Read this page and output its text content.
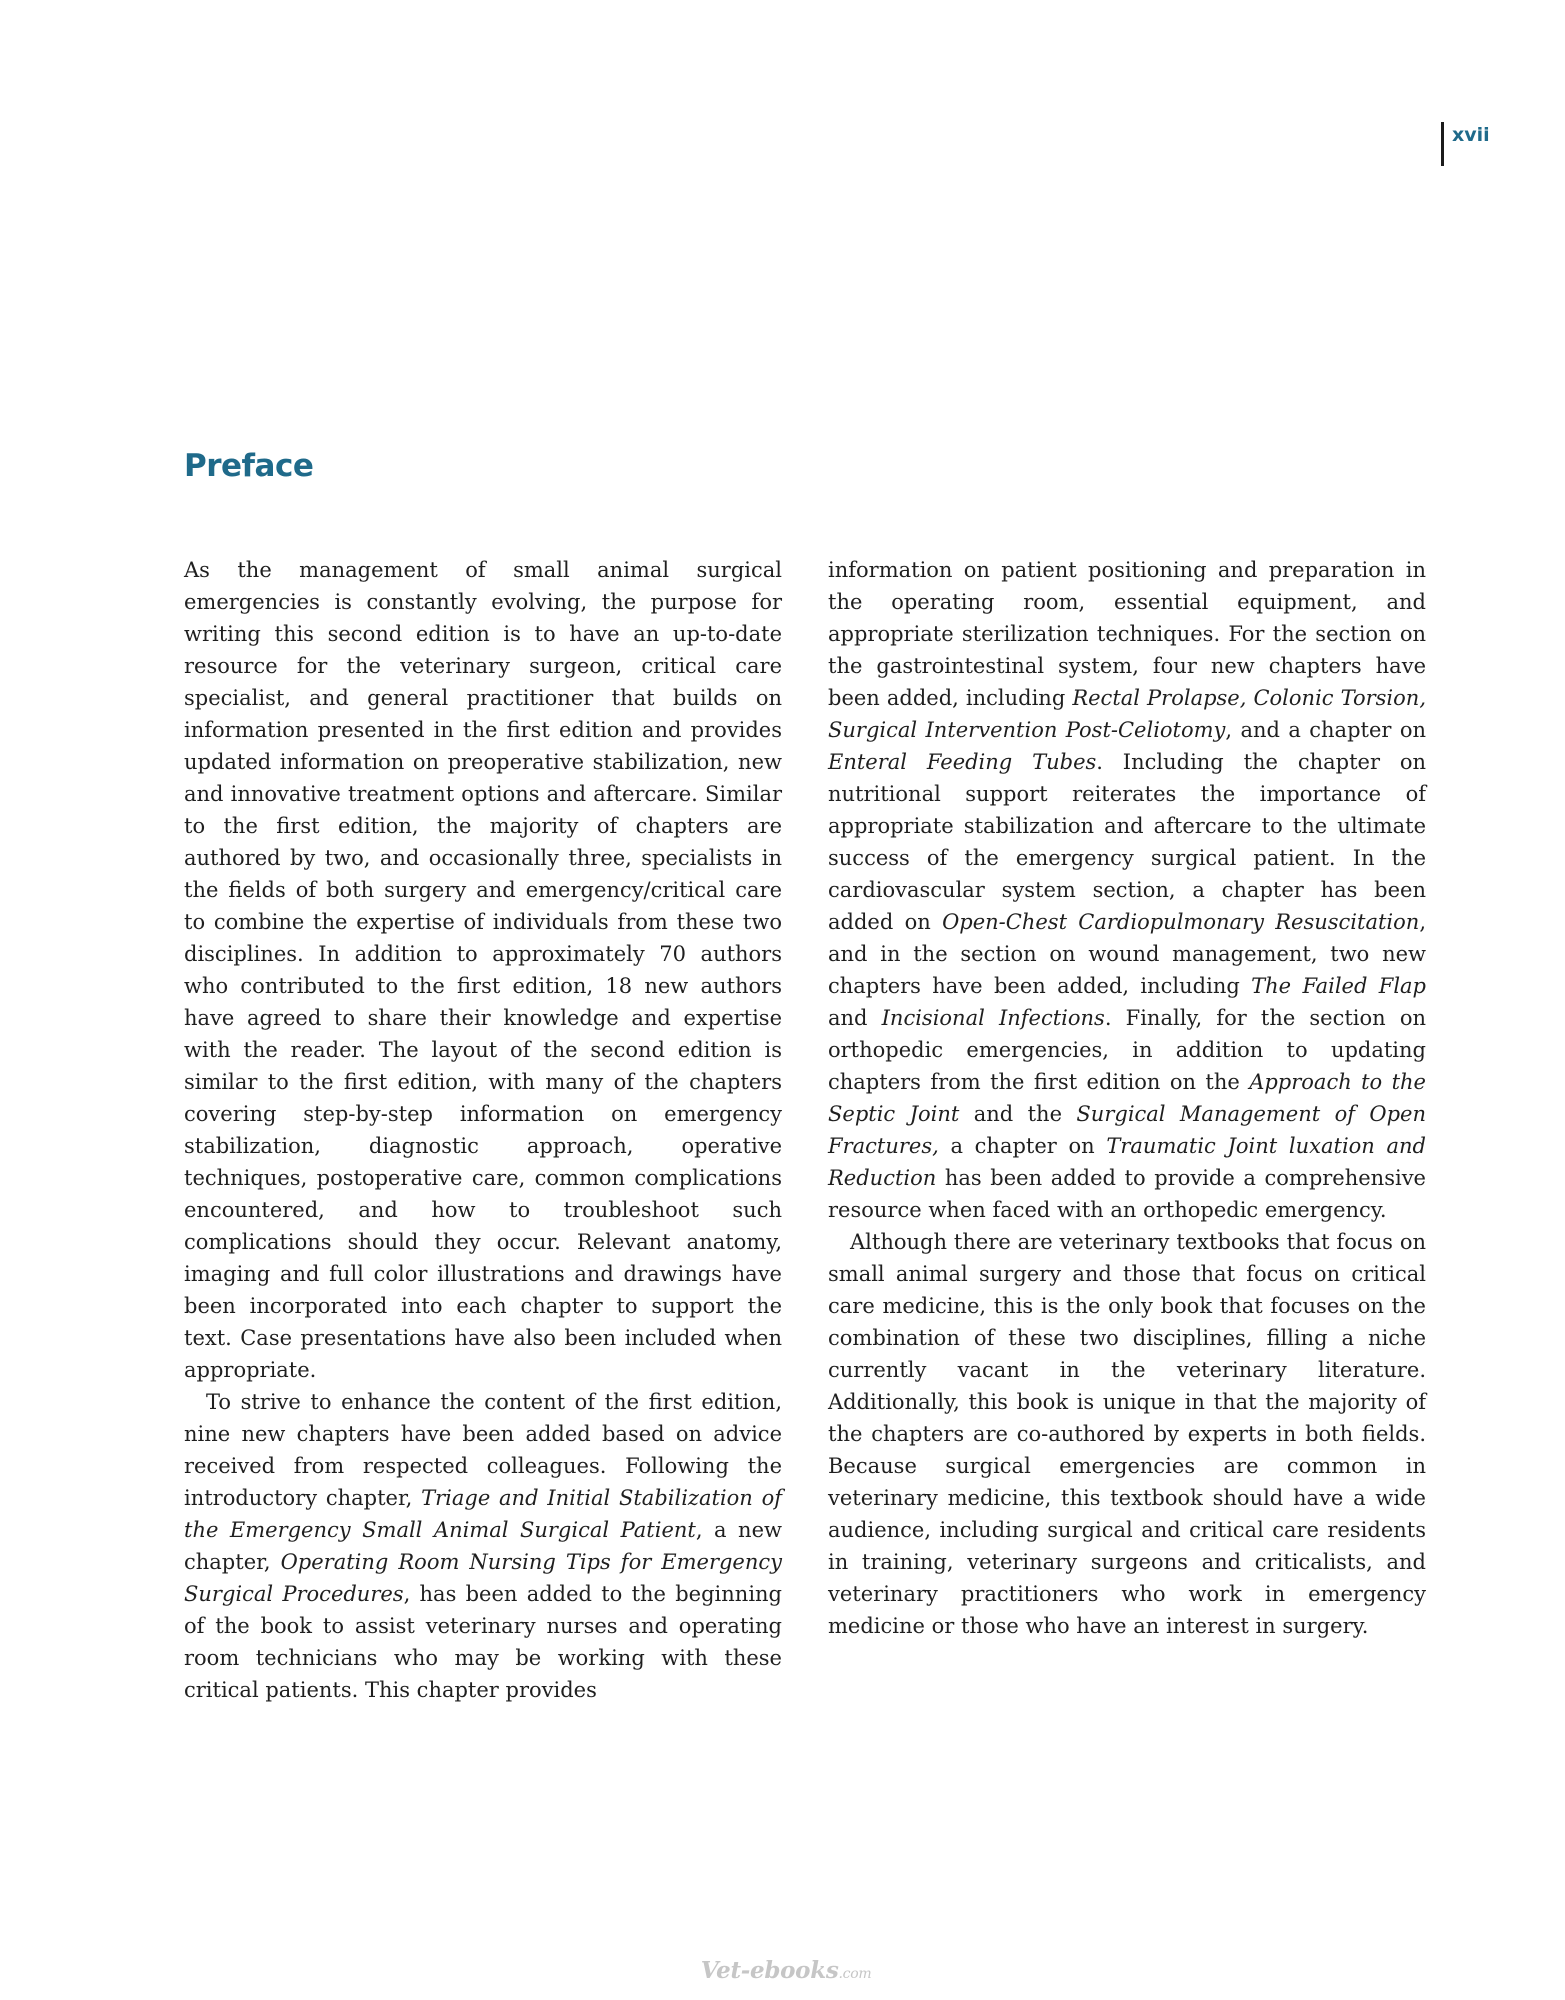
xvii
Preface

As the management of small animal surgical emergencies is constantly evolving, the purpose for writing this second edition is to have an up-to-date resource for the veterinary surgeon, critical care specialist, and general practitioner that builds on information presented in the first edition and provides updated information on preoperative stabilization, new and innovative treatment options and aftercare. Similar to the first edition, the majority of chapters are authored by two, and occasionally three, specialists in the fields of both surgery and emergency/critical care to combine the expertise of individuals from these two disciplines. In addition to approximately 70 authors who contributed to the first edition, 18 new authors have agreed to share their knowledge and expertise with the reader. The layout of the second edition is similar to the first edition, with many of the chapters covering step-by-step information on emergency stabilization, diagnostic approach, operative techniques, postoperative care, common complications encountered, and how to troubleshoot such complications should they occur. Relevant anatomy, imaging and full color illustrations and drawings have been incorporated into each chapter to support the text. Case presentations have also been included when appropriate.

To strive to enhance the content of the first edition, nine new chapters have been added based on advice received from respected colleagues. Following the introductory chapter, Triage and Initial Stabilization of the Emergency Small Animal Surgical Patient, a new chapter, Operating Room Nursing Tips for Emergency Surgical Procedures, has been added to the beginning of the book to assist veterinary nurses and operating room technicians who may be working with these critical patients. This chapter provides

information on patient positioning and preparation in the operating room, essential equipment, and appropriate sterilization techniques. For the section on the gastrointestinal system, four new chapters have been added, including Rectal Prolapse, Colonic Torsion, Surgical Intervention Post-Celiotomy, and a chapter on Enteral Feeding Tubes. Including the chapter on nutritional support reiterates the importance of appropriate stabilization and aftercare to the ultimate success of the emergency surgical patient. In the cardiovascular system section, a chapter has been added on Open-Chest Cardiopulmonary Resuscitation, and in the section on wound management, two new chapters have been added, including The Failed Flap and Incisional Infections. Finally, for the section on orthopedic emergencies, in addition to updating chapters from the first edition on the Approach to the Septic Joint and the Surgical Management of Open Fractures, a chapter on Traumatic Joint luxation and Reduction has been added to provide a comprehensive resource when faced with an orthopedic emergency.

Although there are veterinary textbooks that focus on small animal surgery and those that focus on critical care medicine, this is the only book that focuses on the combination of these two disciplines, filling a niche currently vacant in the veterinary literature. Additionally, this book is unique in that the majority of the chapters are co-authored by experts in both fields. Because surgical emergencies are common in veterinary medicine, this textbook should have a wide audience, including surgical and critical care residents in training, veterinary surgeons and criticalists, and veterinary practitioners who work in emergency medicine or those who have an interest in surgery.

Vet-ebooks.com
